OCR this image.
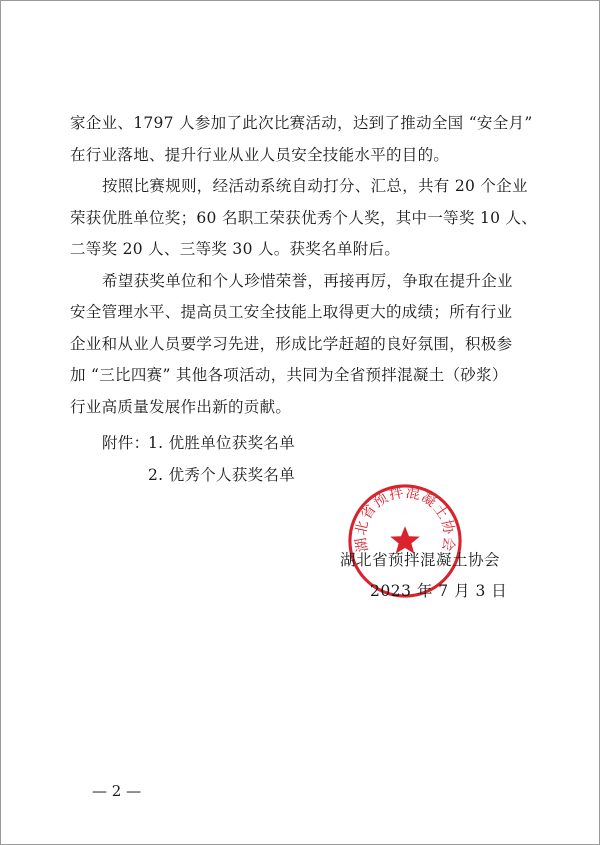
家企业、1797 人参加了此次比赛活动，达到了推动全国 “安全月”
在行业落地、提升行业从业人员安全技能水平的目的。
按照比赛规则，经活动系统自动打分、汇总，共有 20 个企业
荣获优胜单位奖；60 名职工荣获优秀个人奖，其中一等奖 10 人、
二等奖 20 人、三等奖 30 人。获奖名单附后。
希望获奖单位和个人珍惜荣誉，再接再厉，争取在提升企业
安全管理水平、提高员工安全技能上取得更大的成绩；所有行业
企业和从业人员要学习先进，形成比学赶超的良好氛围，积极参
加 “三比四赛” 其他各项活动，共同为全省预拌混凝土（砂浆）
行业高质量发展作出新的贡献。
附件：
1. 优胜单位获奖名单
2. 优秀个人获奖名单
湖北省预拌混凝土协会
湖北省预拌混凝土协会
2023 年 7 月 3 日
— 2 —
